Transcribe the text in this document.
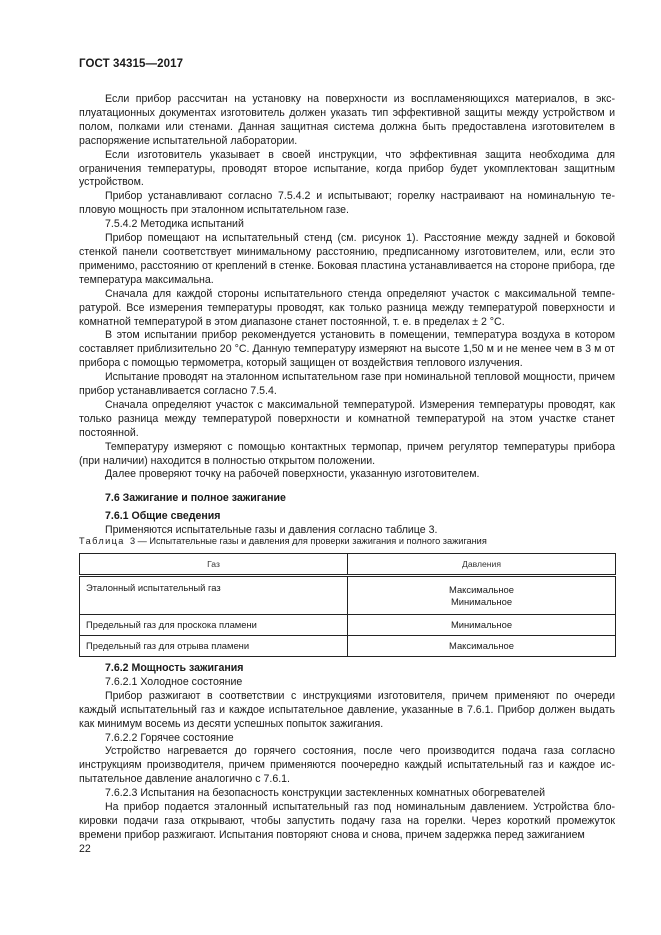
ГОСТ 34315—2017

Если прибор рассчитан на установку на поверхности из воспламеняющихся материалов, в эксплуатационных документах изготовитель должен указать тип эффективной защиты между устройством и полом, полками или стенами. Данная защитная система должна быть предоставлена изготовителем в распоряжение испытательной лаборатории.

Если изготовитель указывает в своей инструкции, что эффективная защита необходима для ограничения температуры, проводят второе испытание, когда прибор будет укомплектован защитным устройством.

Прибор устанавливают согласно 7.5.4.2 и испытывают; горелку настраивают на номинальную тепловую мощность при эталонном испытательном газе.

7.5.4.2 Методика испытаний

Прибор помещают на испытательный стенд (см. рисунок 1). Расстояние между задней и боковой стенкой панели соответствует минимальному расстоянию, предписанному изготовителем, или, если это применимо, расстоянию от креплений в стенке. Боковая пластина устанавливается на стороне прибора, где температура максимальна.

Сначала для каждой стороны испытательного стенда определяют участок с максимальной температурой. Все измерения температуры проводят, как только разница между температурой поверхности и комнатной температурой в этом диапазоне станет постоянной, т. е. в пределах ± 2 °C.

В этом испытании прибор рекомендуется установить в помещении, температура воздуха в котором составляет приблизительно 20 °C. Данную температуру измеряют на высоте 1,50 м и не менее чем в 3 м от прибора с помощью термометра, который защищен от воздействия теплового излучения.

Испытание проводят на эталонном испытательном газе при номинальной тепловой мощности, причем прибор устанавливается согласно 7.5.4.

Сначала определяют участок с максимальной температурой. Измерения температуры проводят, как только разница между температурой поверхности и комнатной температурой на этом участке станет постоянной.

Температуру измеряют с помощью контактных термопар, причем регулятор температуры прибора (при наличии) находится в полностью открытом положении.

Далее проверяют точку на рабочей поверхности, указанную изготовителем.

7.6 Зажигание и полное зажигание

7.6.1 Общие сведения

Применяются испытательные газы и давления согласно таблице 3.

Таблица 3 — Испытательные газы и давления для проверки зажигания и полного зажигания
Газ	Давления
Эталонный испытательный газ	Максимальное
Минимальное

Предельный газ для проскока пламени	Минимальное
Предельный газ для отрыва пламени	Максимальное

7.6.2 Мощность зажигания

7.6.2.1 Холодное состояние

Прибор разжигают в соответствии с инструкциями изготовителя, причем применяют по очереди каждый испытательный газ и каждое испытательное давление, указанные в 7.6.1. Прибор должен выдать как минимум восемь из десяти успешных попыток зажигания.

7.6.2.2 Горячее состояние

Устройство нагревается до горячего состояния, после чего производится подача газа согласно инструкциям производителя, причем применяются поочередно каждый испытательный газ и каждое испытательное давление аналогично с 7.6.1.

7.6.2.3 Испытания на безопасность конструкции застекленных комнатных обогревателей

На прибор подается эталонный испытательный газ под номинальным давлением. Устройства блокировки подачи газа открывают, чтобы запустить подачу газа на горелки. Через короткий промежуток времени прибор разжигают. Испытания повторяют снова и снова, причем задержка перед зажиганием

22
